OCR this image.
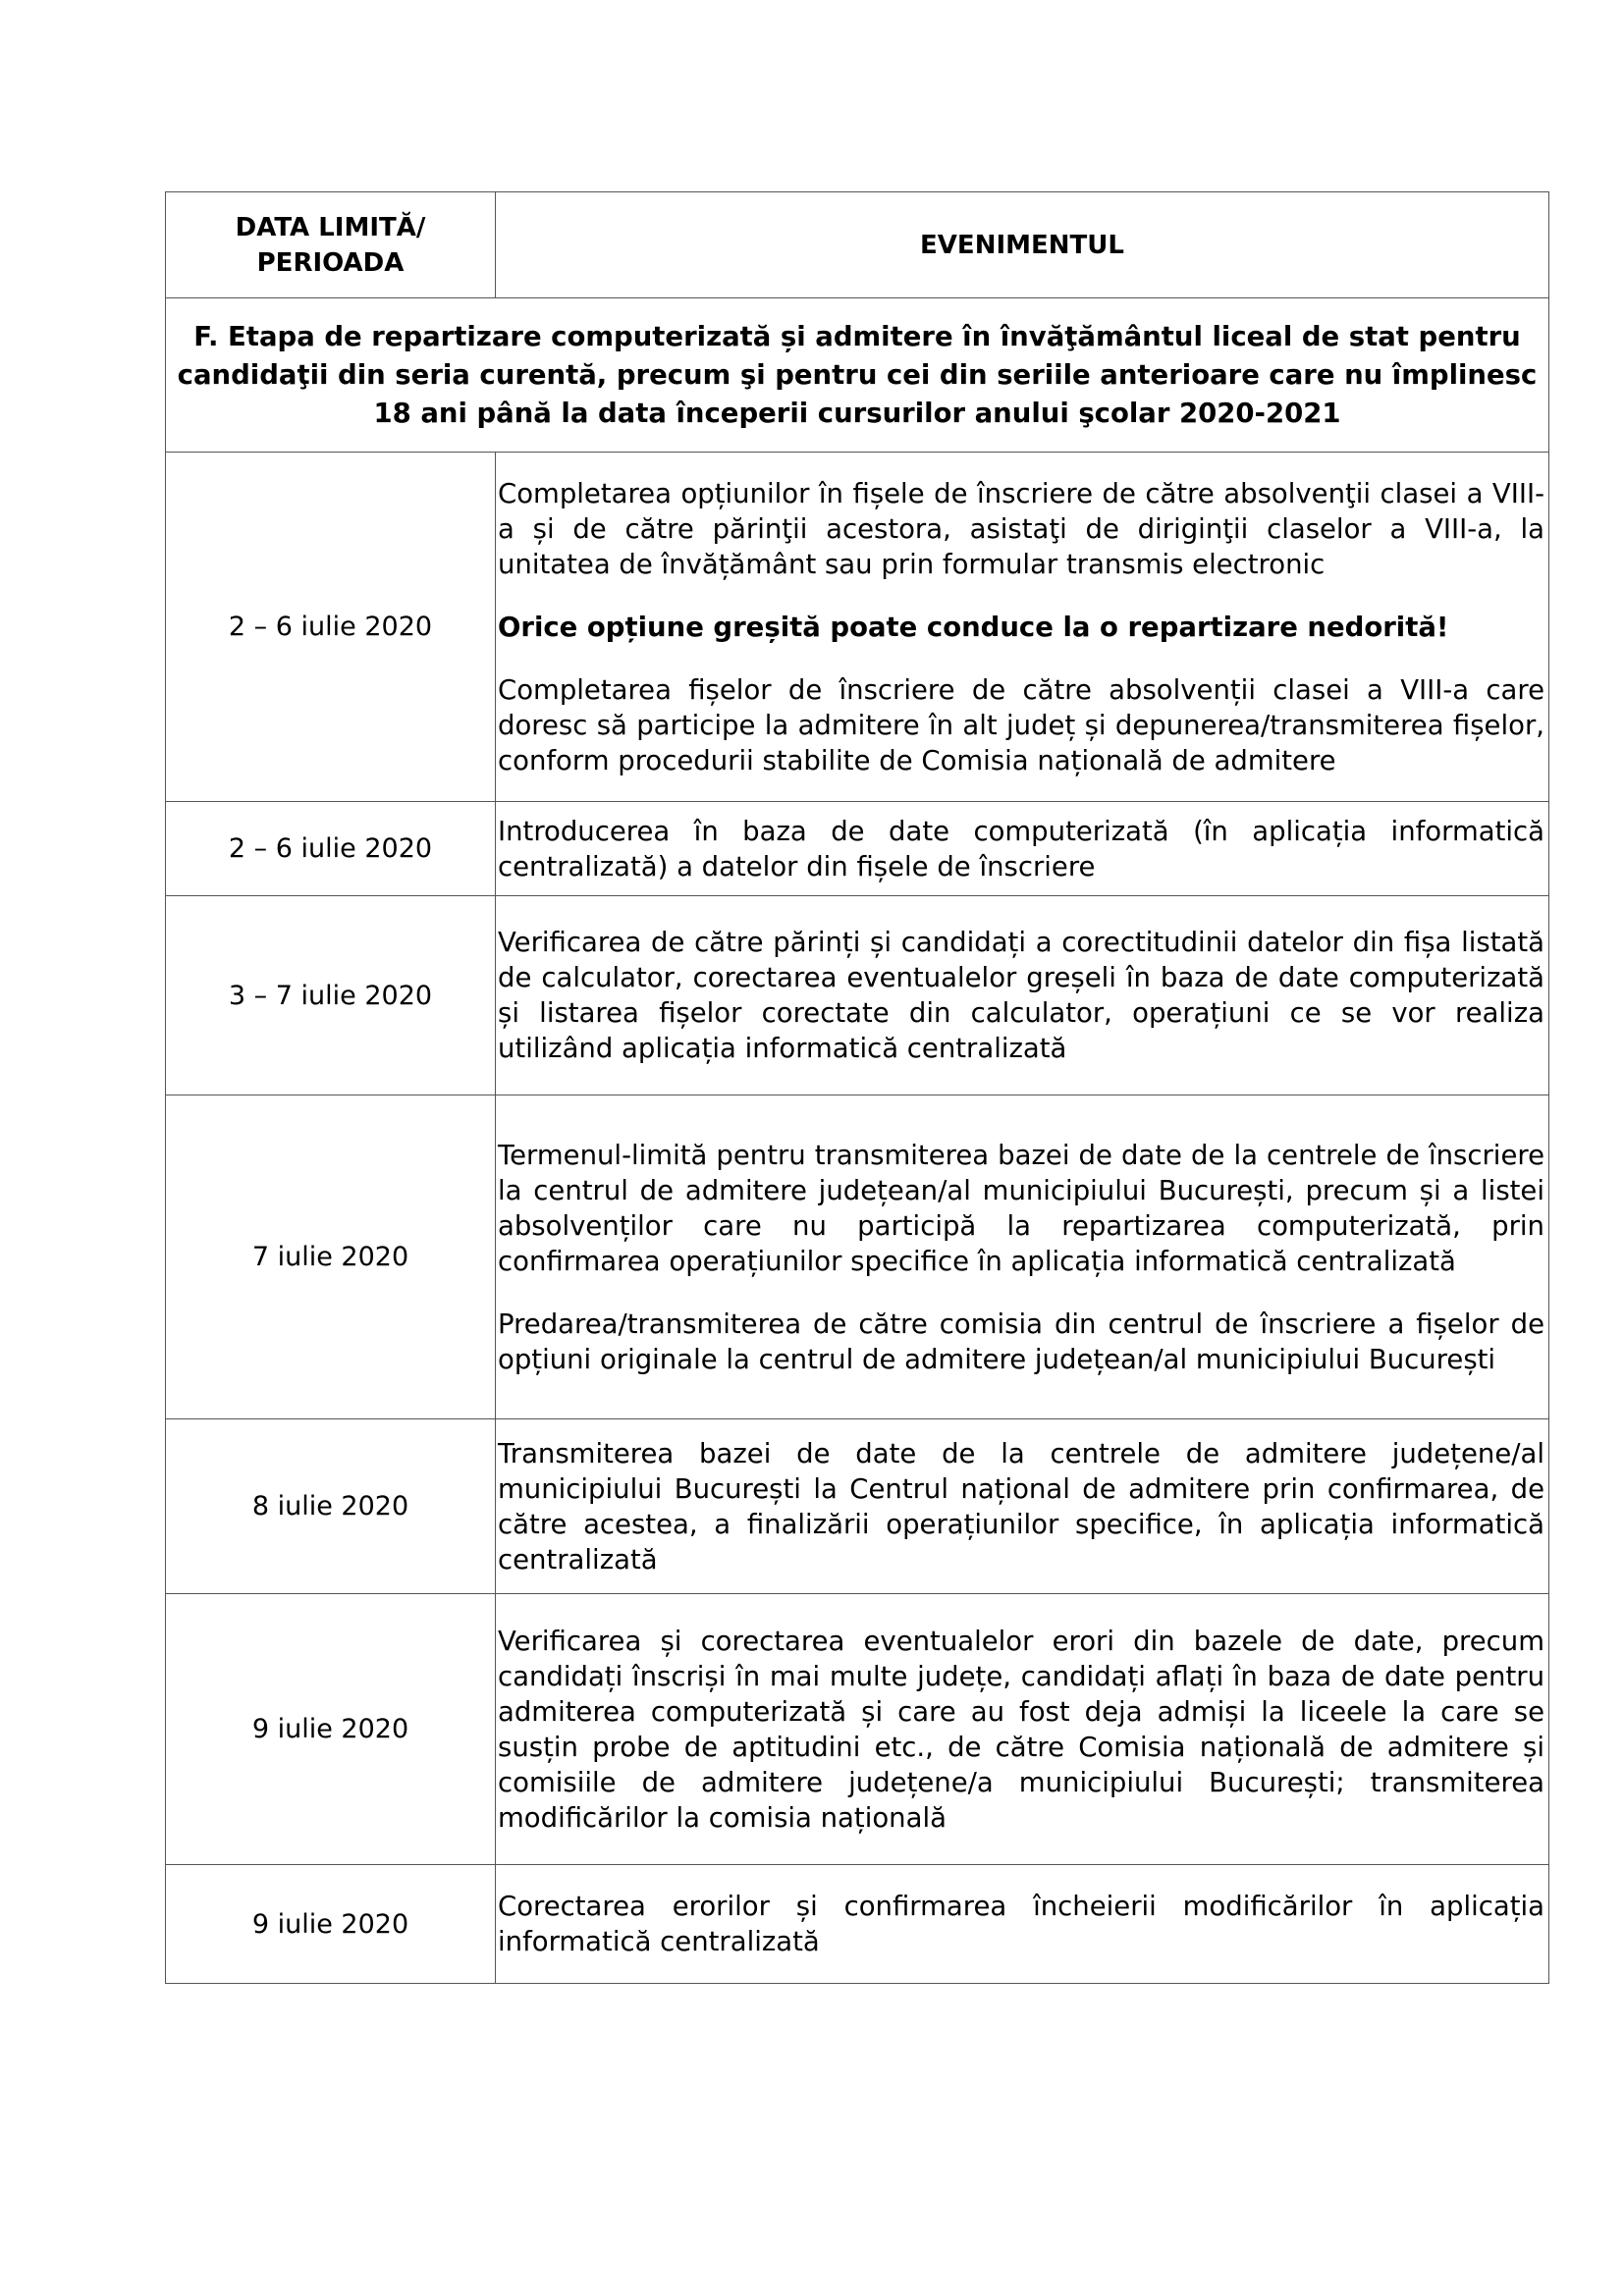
DATA LIMITĂ/ PERIOADA	EVENIMENTUL

F. Etapa de repartizare computerizată și admitere în învăţământul liceal de stat pentru candidaţii din seria curentă, precum şi pentru cei din seriile anterioare care nu împlinesc 18 ani până la data începerii cursurilor anului şcolar 2020-2021	

2 – 6 iulie 2020	Completarea opțiunilor în fișele de înscriere de către absolvenţii clasei a VIII-a și de către părinţii acestora, asistaţi de diriginţii claselor a VIII-a, la unitatea de învățământ sau prin formular transmis electronic
Orice opțiune greșită poate conduce la o repartizare nedorită!
Completarea fișelor de înscriere de către absolvenții clasei a VIII-a care doresc să participe la admitere în alt județ și depunerea/transmiterea fișelor, conform procedurii stabilite de Comisia națională de admitere

2 – 6 iulie 2020	Introducerea în baza de date computerizată (în aplicația informatică centralizată) a datelor din fișele de înscriere

3 – 7 iulie 2020	Verificarea de către părinți și candidați a corectitudinii datelor din fișa listată de calculator, corectarea eventualelor greșeli în baza de date computerizată și listarea fișelor corectate din calculator, operațiuni ce se vor realiza utilizând aplicația informatică centralizată

7 iulie 2020	Termenul-limită pentru transmiterea bazei de date de la centrele de înscriere la centrul de admitere județean/al municipiului București, precum și a listei absolvenților care nu participă la repartizarea computerizată, prin confirmarea operațiunilor specifice în aplicația informatică centralizată
Predarea/transmiterea de către comisia din centrul de înscriere a fișelor de opțiuni originale la centrul de admitere județean/al municipiului București

8 iulie 2020	Transmiterea bazei de date de la centrele de admitere județene/al municipiului București la Centrul național de admitere prin confirmarea, de către acestea, a finalizării operațiunilor specifice, în aplicația informatică centralizată

9 iulie 2020	Verificarea și corectarea eventualelor erori din bazele de date, precum candidați înscriși în mai multe județe, candidați aflați în baza de date pentru admiterea computerizată și care au fost deja admiși la liceele la care se susțin probe de aptitudini etc., de către Comisia națională de admitere și comisiile de admitere județene/a municipiului București; transmiterea modificărilor la comisia națională

9 iulie 2020	Corectarea erorilor și confirmarea încheierii modificărilor în aplicația informatică centralizată
